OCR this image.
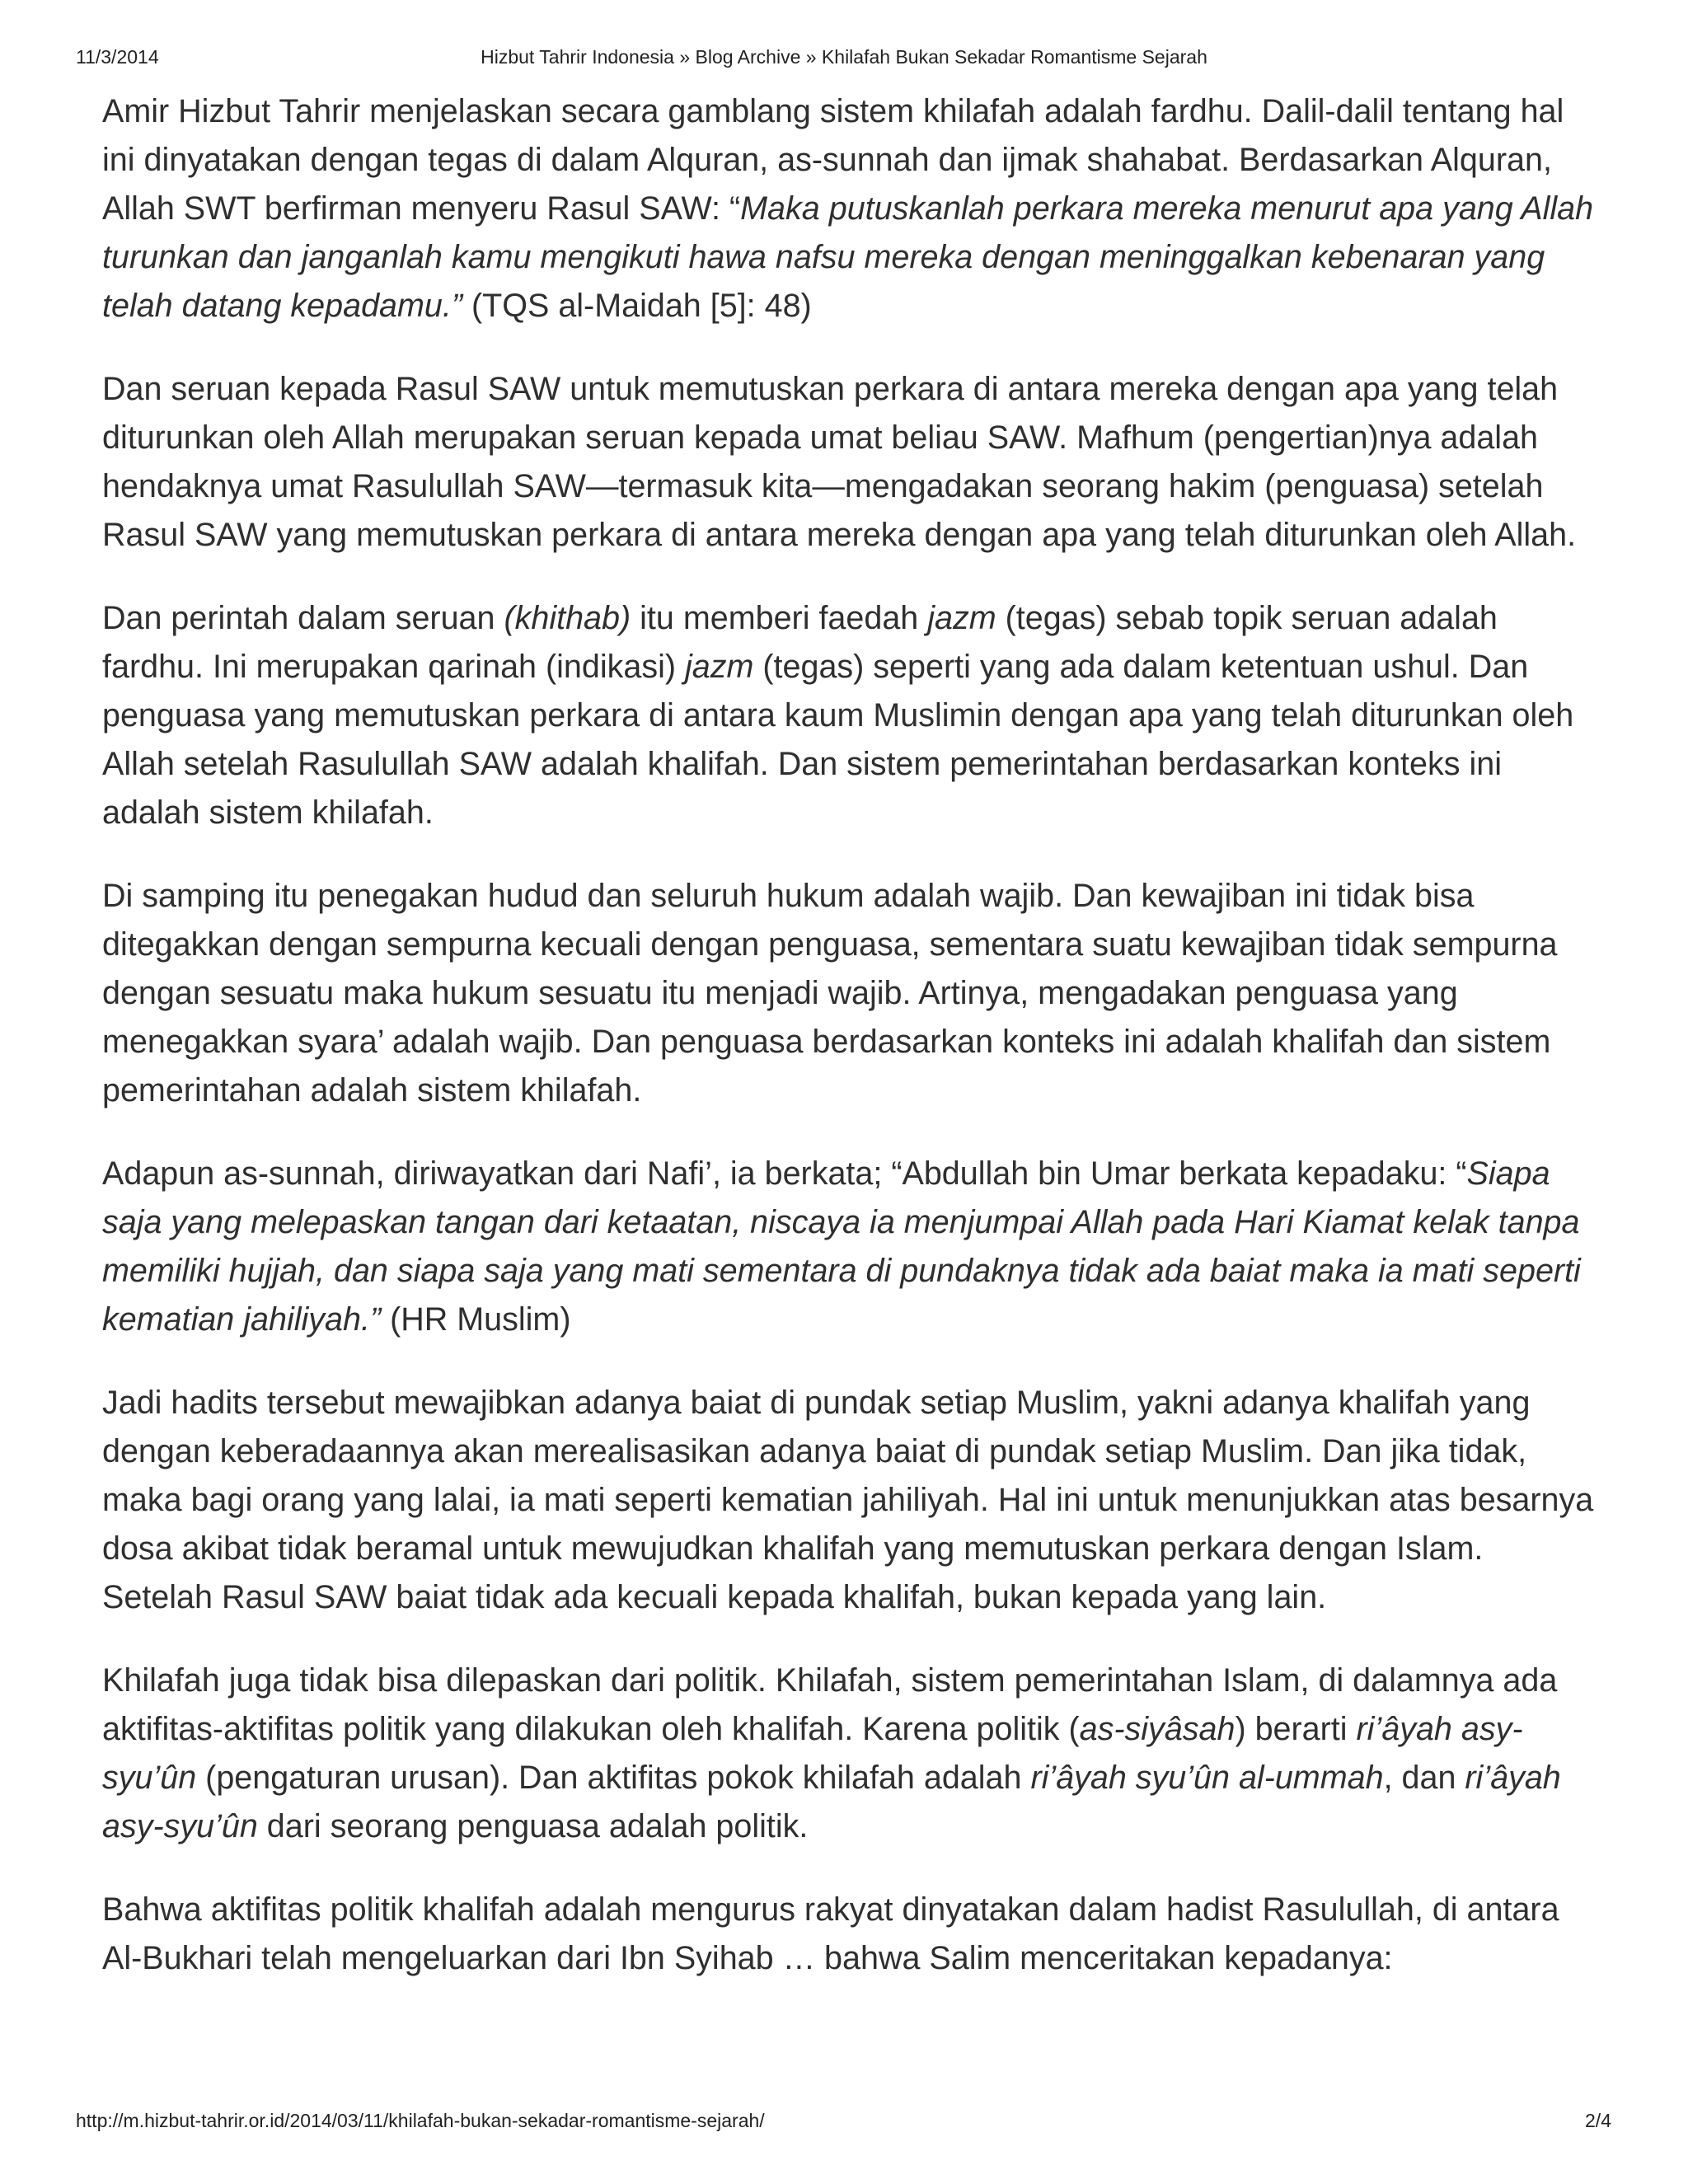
11/3/2014	Hizbut Tahrir Indonesia » Blog Archive » Khilafah Bukan Sekadar Romantisme Sejarah

Amir Hizbut Tahrir menjelaskan secara gamblang sistem khilafah adalah fardhu. Dalil-dalil tentang hal ini dinyatakan dengan tegas di dalam Alquran, as-sunnah dan ijmak shahabat. Berdasarkan Alquran, Allah SWT berfirman menyeru Rasul SAW: “Maka putuskanlah perkara mereka menurut apa yang Allah turunkan dan janganlah kamu mengikuti hawa nafsu mereka dengan meninggalkan kebenaran yang telah datang kepadamu.” (TQS al-Maidah [5]: 48)

Dan seruan kepada Rasul SAW untuk memutuskan perkara di antara mereka dengan apa yang telah diturunkan oleh Allah merupakan seruan kepada umat beliau SAW. Mafhum (pengertian)nya adalah hendaknya umat Rasulullah SAW—termasuk kita—mengadakan seorang hakim (penguasa) setelah Rasul SAW yang memutuskan perkara di antara mereka dengan apa yang telah diturunkan oleh Allah.

Dan perintah dalam seruan (khithab) itu memberi faedah jazm (tegas) sebab topik seruan adalah fardhu. Ini merupakan qarinah (indikasi) jazm (tegas) seperti yang ada dalam ketentuan ushul. Dan penguasa yang memutuskan perkara di antara kaum Muslimin dengan apa yang telah diturunkan oleh Allah setelah Rasulullah SAW adalah khalifah. Dan sistem pemerintahan berdasarkan konteks ini adalah sistem khilafah.

Di samping itu penegakan hudud dan seluruh hukum adalah wajib. Dan kewajiban ini tidak bisa ditegakkan dengan sempurna kecuali dengan penguasa, sementara suatu kewajiban tidak sempurna dengan sesuatu maka hukum sesuatu itu menjadi wajib. Artinya, mengadakan penguasa yang menegakkan syara’ adalah wajib. Dan penguasa berdasarkan konteks ini adalah khalifah dan sistem pemerintahan adalah sistem khilafah.

Adapun as-sunnah, diriwayatkan dari Nafi’, ia berkata; “Abdullah bin Umar berkata kepadaku: “Siapa saja yang melepaskan tangan dari ketaatan, niscaya ia menjumpai Allah pada Hari Kiamat kelak tanpa memiliki hujjah, dan siapa saja yang mati sementara di pundaknya tidak ada baiat maka ia mati seperti kematian jahiliyah.” (HR Muslim)

Jadi hadits tersebut mewajibkan adanya baiat di pundak setiap Muslim, yakni adanya khalifah yang dengan keberadaannya akan merealisasikan adanya baiat di pundak setiap Muslim. Dan jika tidak, maka bagi orang yang lalai, ia mati seperti kematian jahiliyah. Hal ini untuk menunjukkan atas besarnya dosa akibat tidak beramal untuk mewujudkan khalifah yang memutuskan perkara dengan Islam. Setelah Rasul SAW baiat tidak ada kecuali kepada khalifah, bukan kepada yang lain.

Khilafah juga tidak bisa dilepaskan dari politik. Khilafah, sistem pemerintahan Islam, di dalamnya ada aktifitas-aktifitas politik yang dilakukan oleh khalifah. Karena politik (as-siyâsah) berarti ri’âyah asy-syu’ûn (pengaturan urusan). Dan aktifitas pokok khilafah adalah ri’âyah syu’ûn al-ummah, dan ri’âyah asy-syu’ûn dari seorang penguasa adalah politik.

Bahwa aktifitas politik khalifah adalah mengurus rakyat dinyatakan dalam hadist Rasulullah, di antara Al-Bukhari telah mengeluarkan dari Ibn Syihab … bahwa Salim menceritakan kepadanya:

http://m.hizbut-tahrir.or.id/2014/03/11/khilafah-bukan-sekadar-romantisme-sejarah/	2/4
